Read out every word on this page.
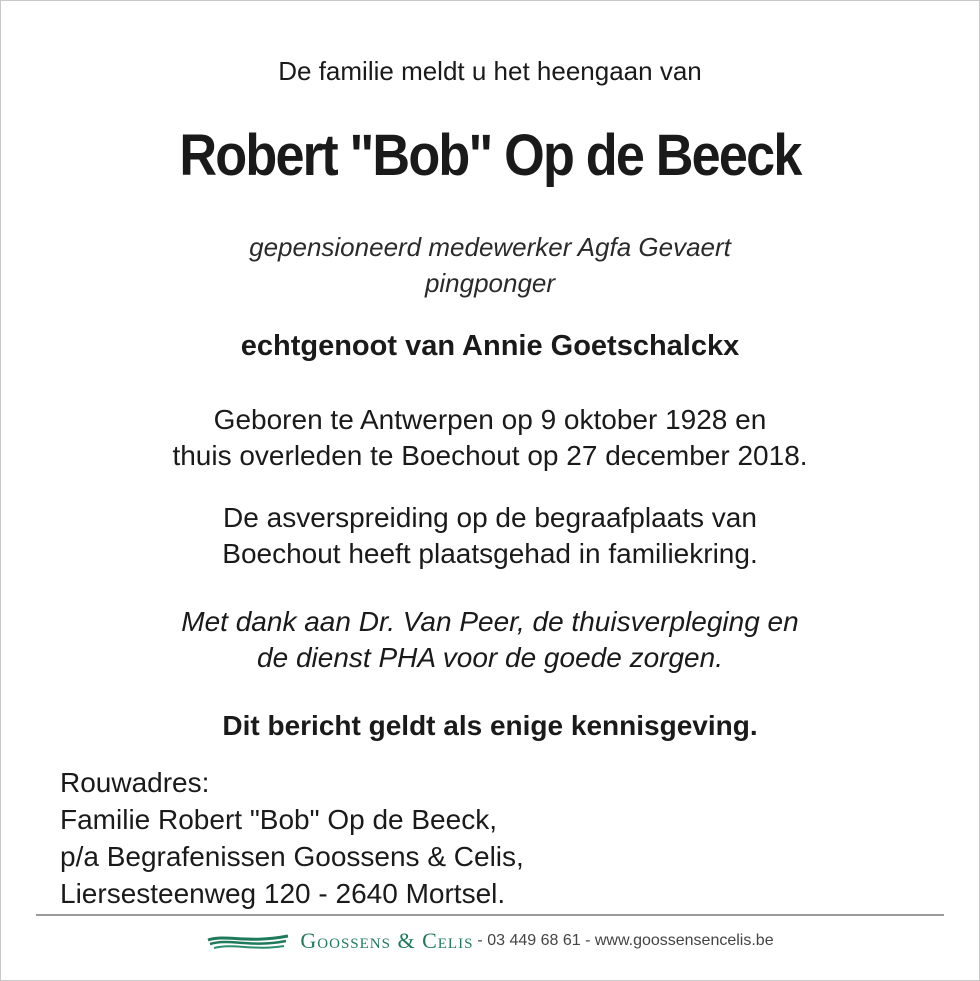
De familie meldt u het heengaan van
Robert "Bob" Op de Beeck
gepensioneerd medewerker Agfa Gevaert
pingponger
echtgenoot van Annie Goetschalckx
Geboren te Antwerpen op 9 oktober 1928 en
thuis overleden te Boechout op 27 december 2018.
De asverspreiding op de begraafplaats van
Boechout heeft plaatsgehad in familiekring.
Met dank aan Dr. Van Peer, de thuisverpleging en
de dienst PHA voor de goede zorgen.
Dit bericht geldt als enige kennisgeving.
Rouwadres:
Familie Robert "Bob" Op de Beeck,
p/a Begrafenissen Goossens & Celis,
Liersesteenweg 120 - 2640 Mortsel.
Goossens & Celis - 03 449 68 61 - www.goossensencelis.be
